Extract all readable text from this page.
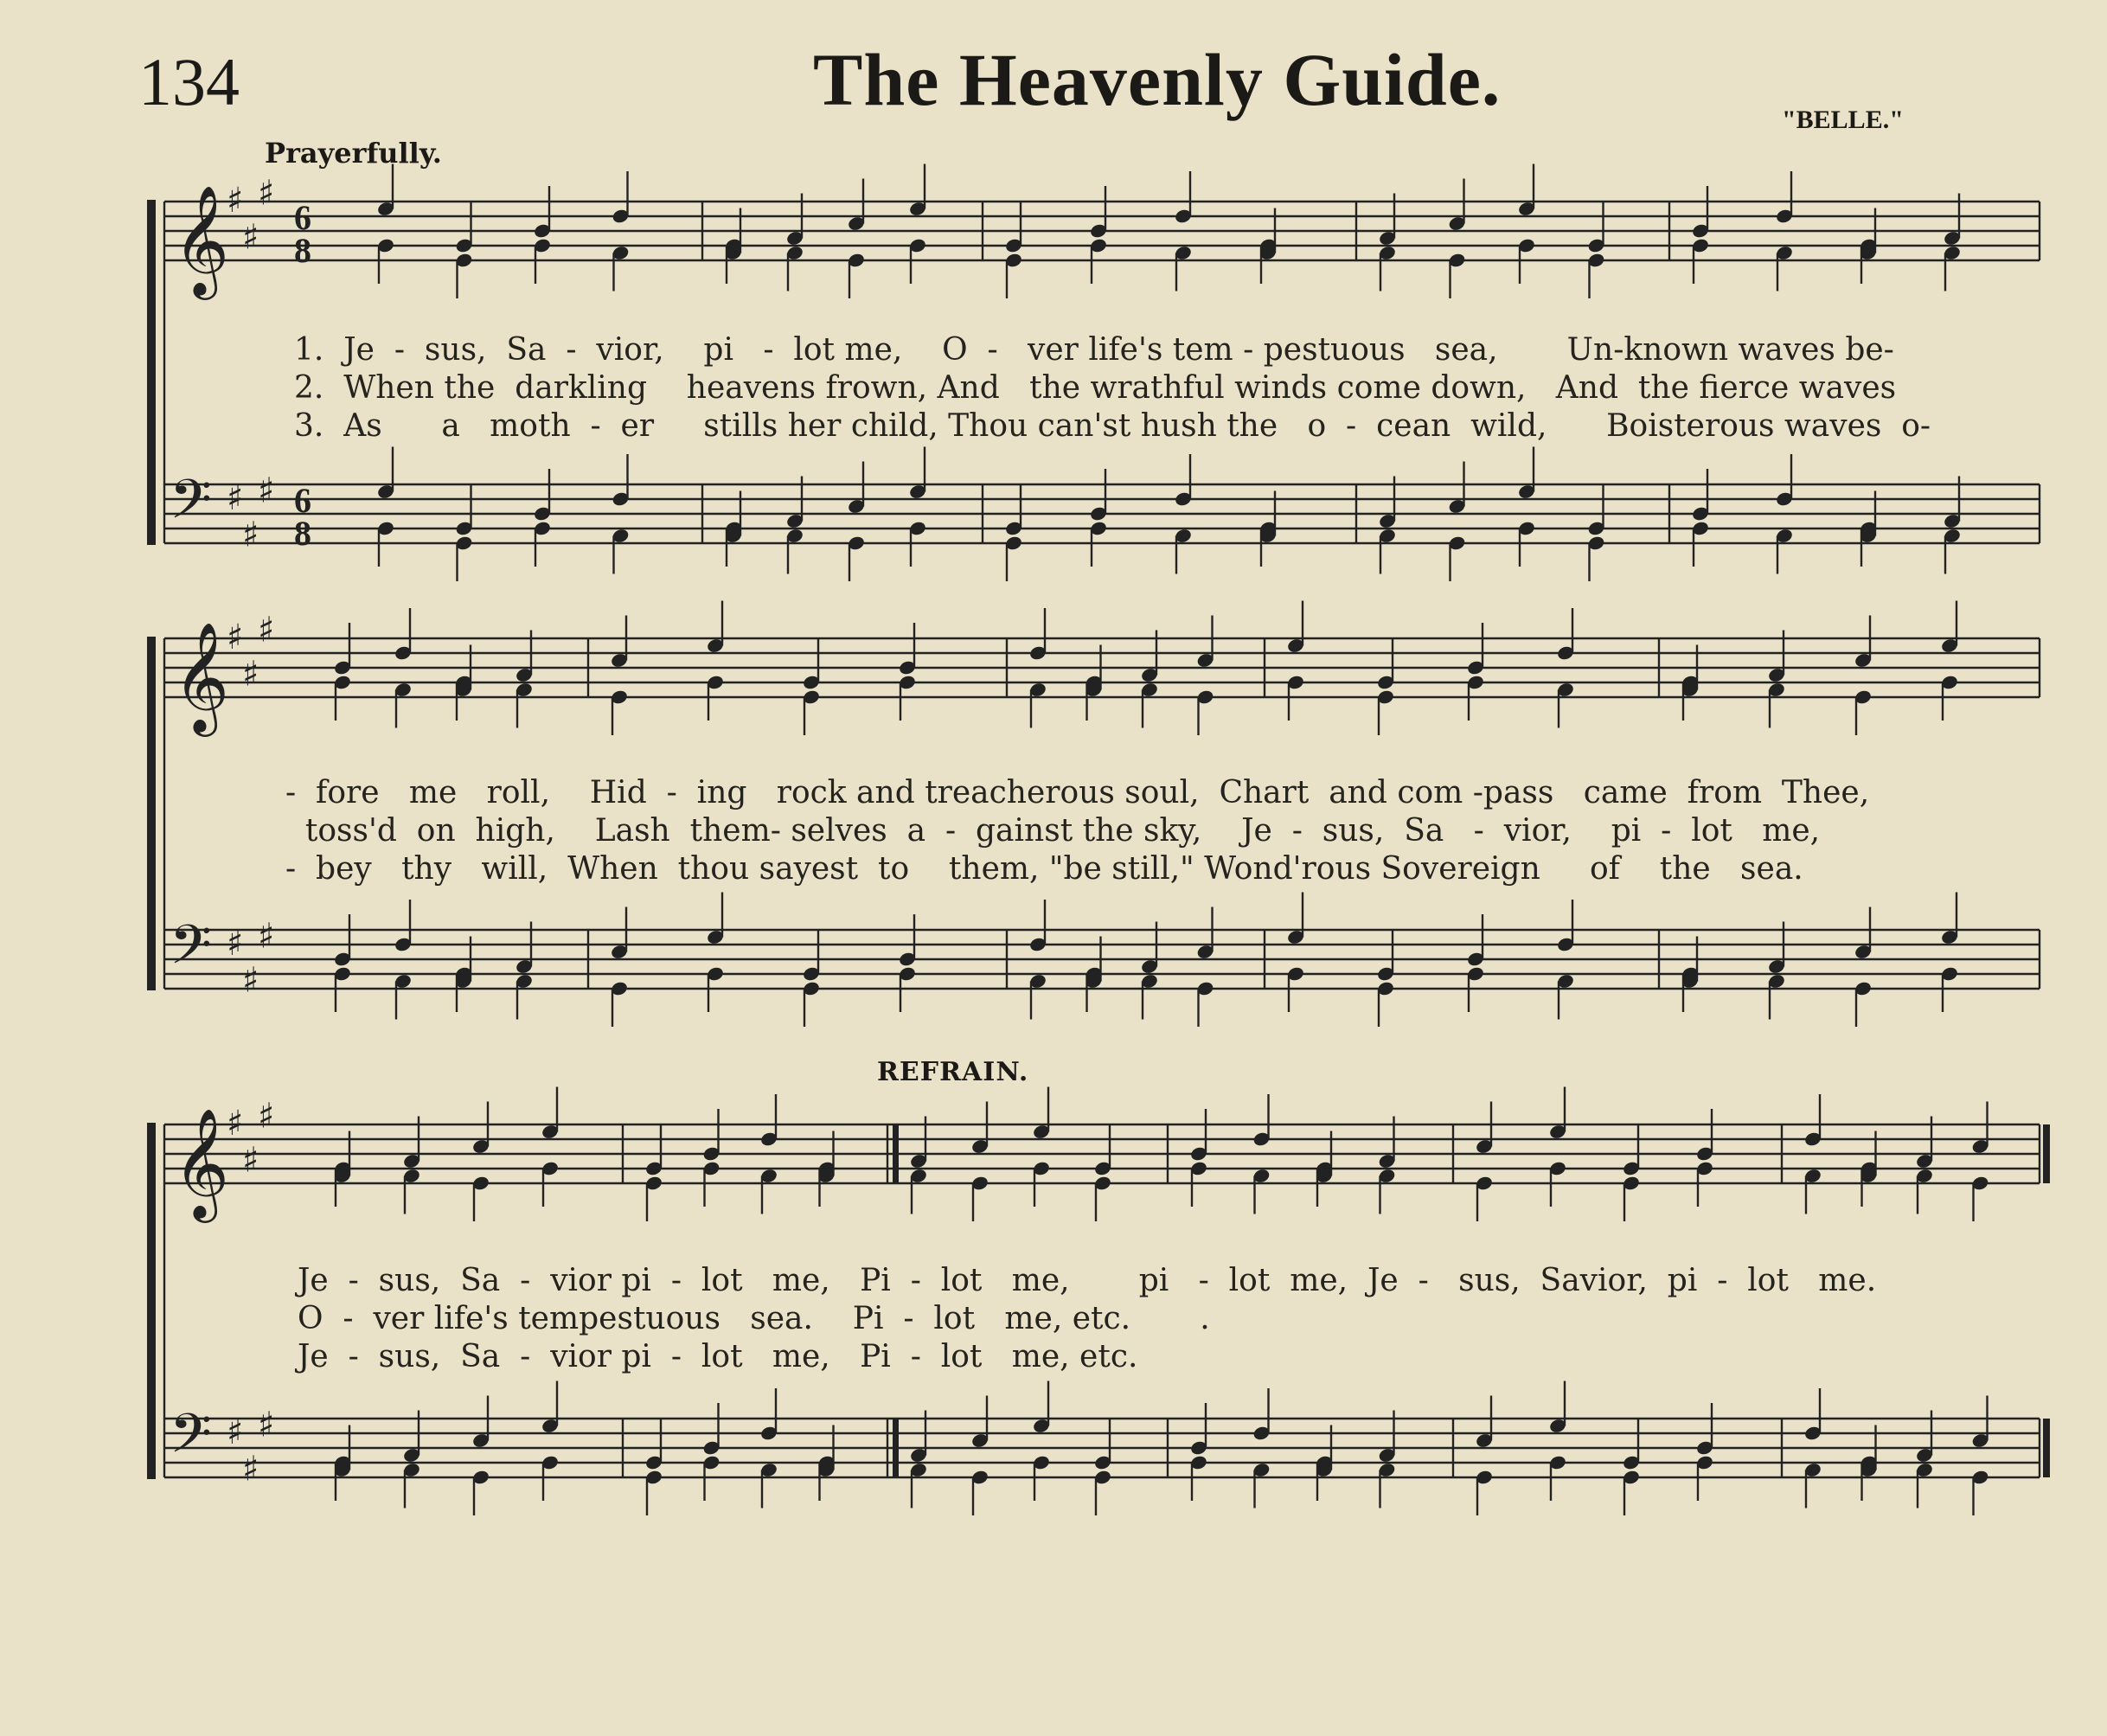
134	The Heavenly Guide.	"BELLE."
Prayerfully.
REFRAIN.
𝄞
♯
♯
♯
6
8
𝄢 ♯
♯
♯ 6
8
𝄞
♯
♯
♯
𝄢 ♯
♯
♯
𝄞
♯
♯
♯
𝄢 ♯
♯
♯
1.  Je  -  sus,  Sa  -  vior,    pi   -  lot me,    O  -   ver life's tem - pestuous   sea,       Un-known waves be-
2.  When the  darkling    heavens frown, And   the wrathful winds come down,   And  the fierce waves
3.  As      a   moth  -  er     stills her child, Thou can'st hush the   o  -  cean  wild,      Boisterous waves  o-
-  fore   me   roll,    Hid  -  ing   rock and treacherous soul,  Chart  and com -pass   came  from  Thee,
toss'd  on  high,    Lash  them- selves  a  -  gainst the sky,    Je  -  sus,  Sa   -  vior,    pi  -  lot   me,
-  bey   thy   will,  When  thou sayest  to    them, "be still," Wond'rous Sovereign     of    the   sea.
Je  -  sus,  Sa  -  vior pi  -  lot   me,   Pi  -  lot   me,       pi   -  lot  me,  Je  -   sus,  Savior,  pi  -  lot   me.
O  -  ver life's tempestuous   sea.    Pi  -  lot   me, etc.       .
Je  -  sus,  Sa  -  vior pi  -  lot   me,   Pi  -  lot   me, etc.
